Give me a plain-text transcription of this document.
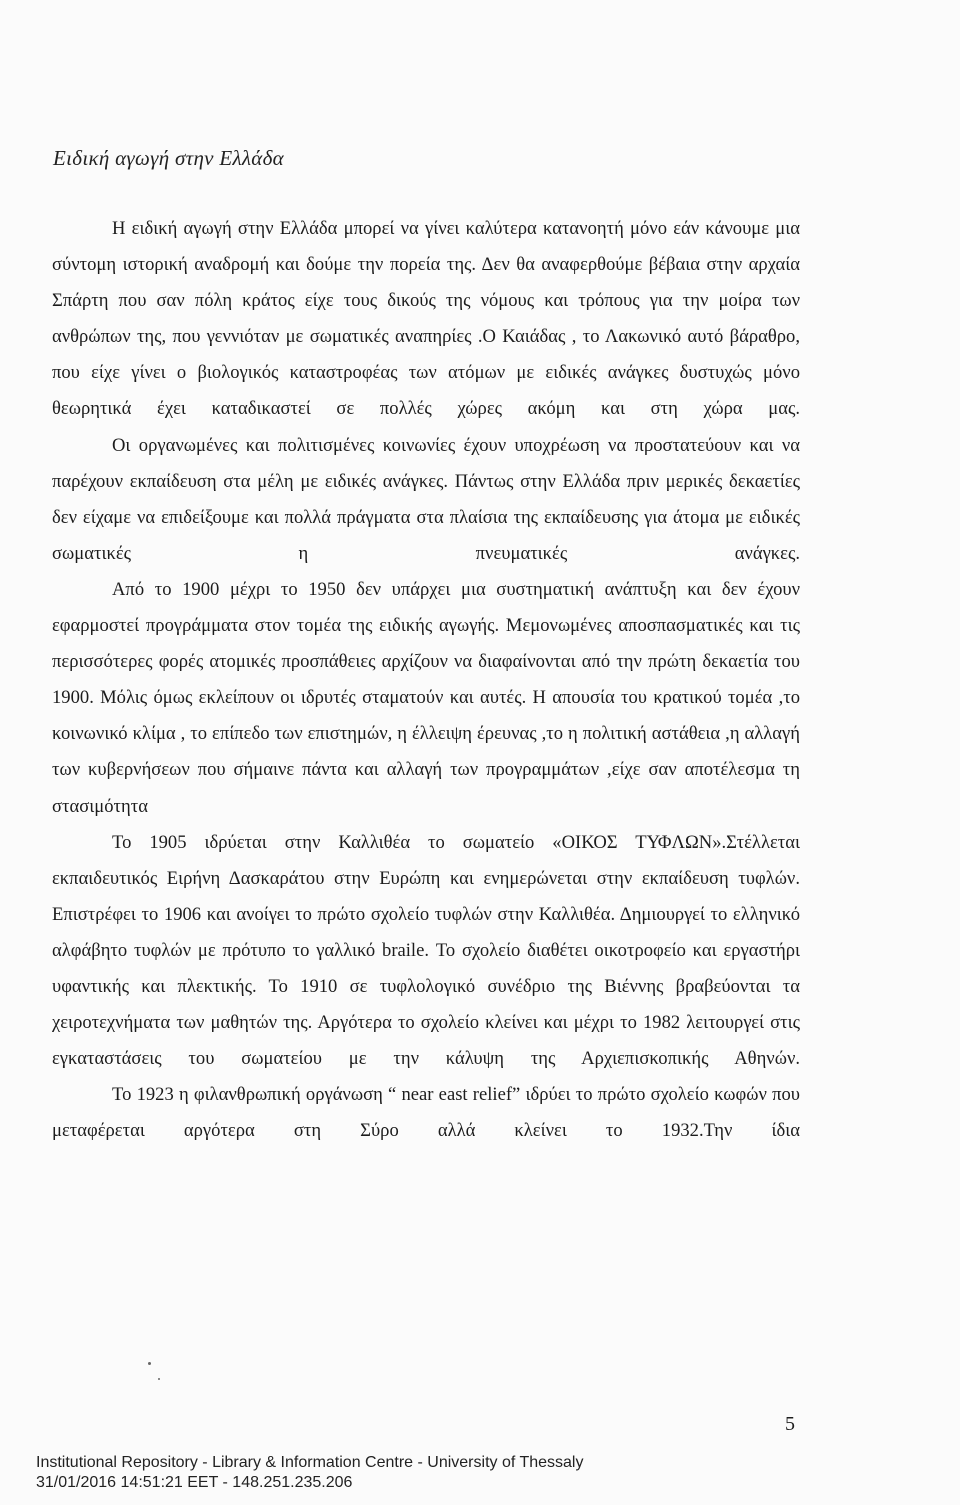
Ειδική αγωγή στην Ελλάδα

Η ειδική αγωγή στην Ελλάδα μπορεί να γίνει καλύτερα κατανοητή μόνο εάν κάνουμε μια σύντομη ιστορική αναδρομή και δούμε την πορεία της. Δεν θα αναφερθούμε βέβαια στην αρχαία Σπάρτη που σαν πόλη κράτος είχε τους δικούς της νόμους και τρόπους για την μοίρα των ανθρώπων της, που γεννιόταν με σωματικές αναπηρίες .Ο Καιάδας , το Λακωνικό αυτό βάραθρο, που είχε γίνει ο βιολογικός καταστροφέας των ατόμων με ειδικές ανάγκες δυστυχώς μόνο θεωρητικά έχει καταδικαστεί σε πολλές χώρες ακόμη και στη χώρα μας.

Οι οργανωμένες και πολιτισμένες κοινωνίες έχουν υποχρέωση να προστατεύουν και να παρέχουν εκπαίδευση στα μέλη με ειδικές ανάγκες. Πάντως στην Ελλάδα πριν μερικές δεκαετίες δεν είχαμε να επιδείξουμε και πολλά πράγματα στα πλαίσια της εκπαίδευσης για άτομα με ειδικές σωματικές η πνευματικές ανάγκες.

Από το 1900 μέχρι το 1950 δεν υπάρχει μια συστηματική ανάπτυξη και δεν έχουν εφαρμοστεί προγράμματα στον τομέα της ειδικής αγωγής. Μεμονωμένες αποσπασματικές και τις περισσότερες φορές ατομικές προσπάθειες αρχίζουν να διαφαίνονται από την πρώτη δεκαετία του 1900. Μόλις όμως εκλείπουν οι ιδρυτές σταματούν και αυτές. Η απουσία του κρατικού τομέα ,το κοινωνικό κλίμα , το επίπεδο των επιστημών, η έλλειψη έρευνας ,το η πολιτική αστάθεια ,η αλλαγή των κυβερνήσεων που σήμαινε πάντα και αλλαγή των προγραμμάτων ,είχε σαν αποτέλεσμα τη στασιμότητα

Το 1905 ιδρύεται στην Καλλιθέα το σωματείο «ΟΙΚΟΣ ΤΥΦΛΩΝ».Στέλλεται εκπαιδευτικός Ειρήνη Δασκαράτου στην Ευρώπη και ενημερώνεται στην εκπαίδευση τυφλών. Επιστρέφει το 1906 και ανοίγει το πρώτο σχολείο τυφλών στην Καλλιθέα. Δημιουργεί το ελληνικό αλφάβητο τυφλών με πρότυπο το γαλλικό braile. Το σχολείο διαθέτει οικοτροφείο και εργαστήρι υφαντικής και πλεκτικής. Το 1910 σε τυφλολογικό συνέδριο της Βιέννης βραβεύονται τα χειροτεχνήματα των μαθητών της. Αργότερα το σχολείο κλείνει και μέχρι το 1982 λειτουργεί στις εγκαταστάσεις του σωματείου με την κάλυψη της Αρχιεπισκοπικής Αθηνών.

Το 1923 η φιλανθρωπική οργάνωση “ near east relief” ιδρύει το πρώτο σχολείο κωφών που μεταφέρεται αργότερα στη Σύρο αλλά κλείνει το 1932.Την ίδια

5
Institutional Repository - Library & Information Centre - University of Thessaly
31/01/2016 14:51:21 EET - 148.251.235.206
